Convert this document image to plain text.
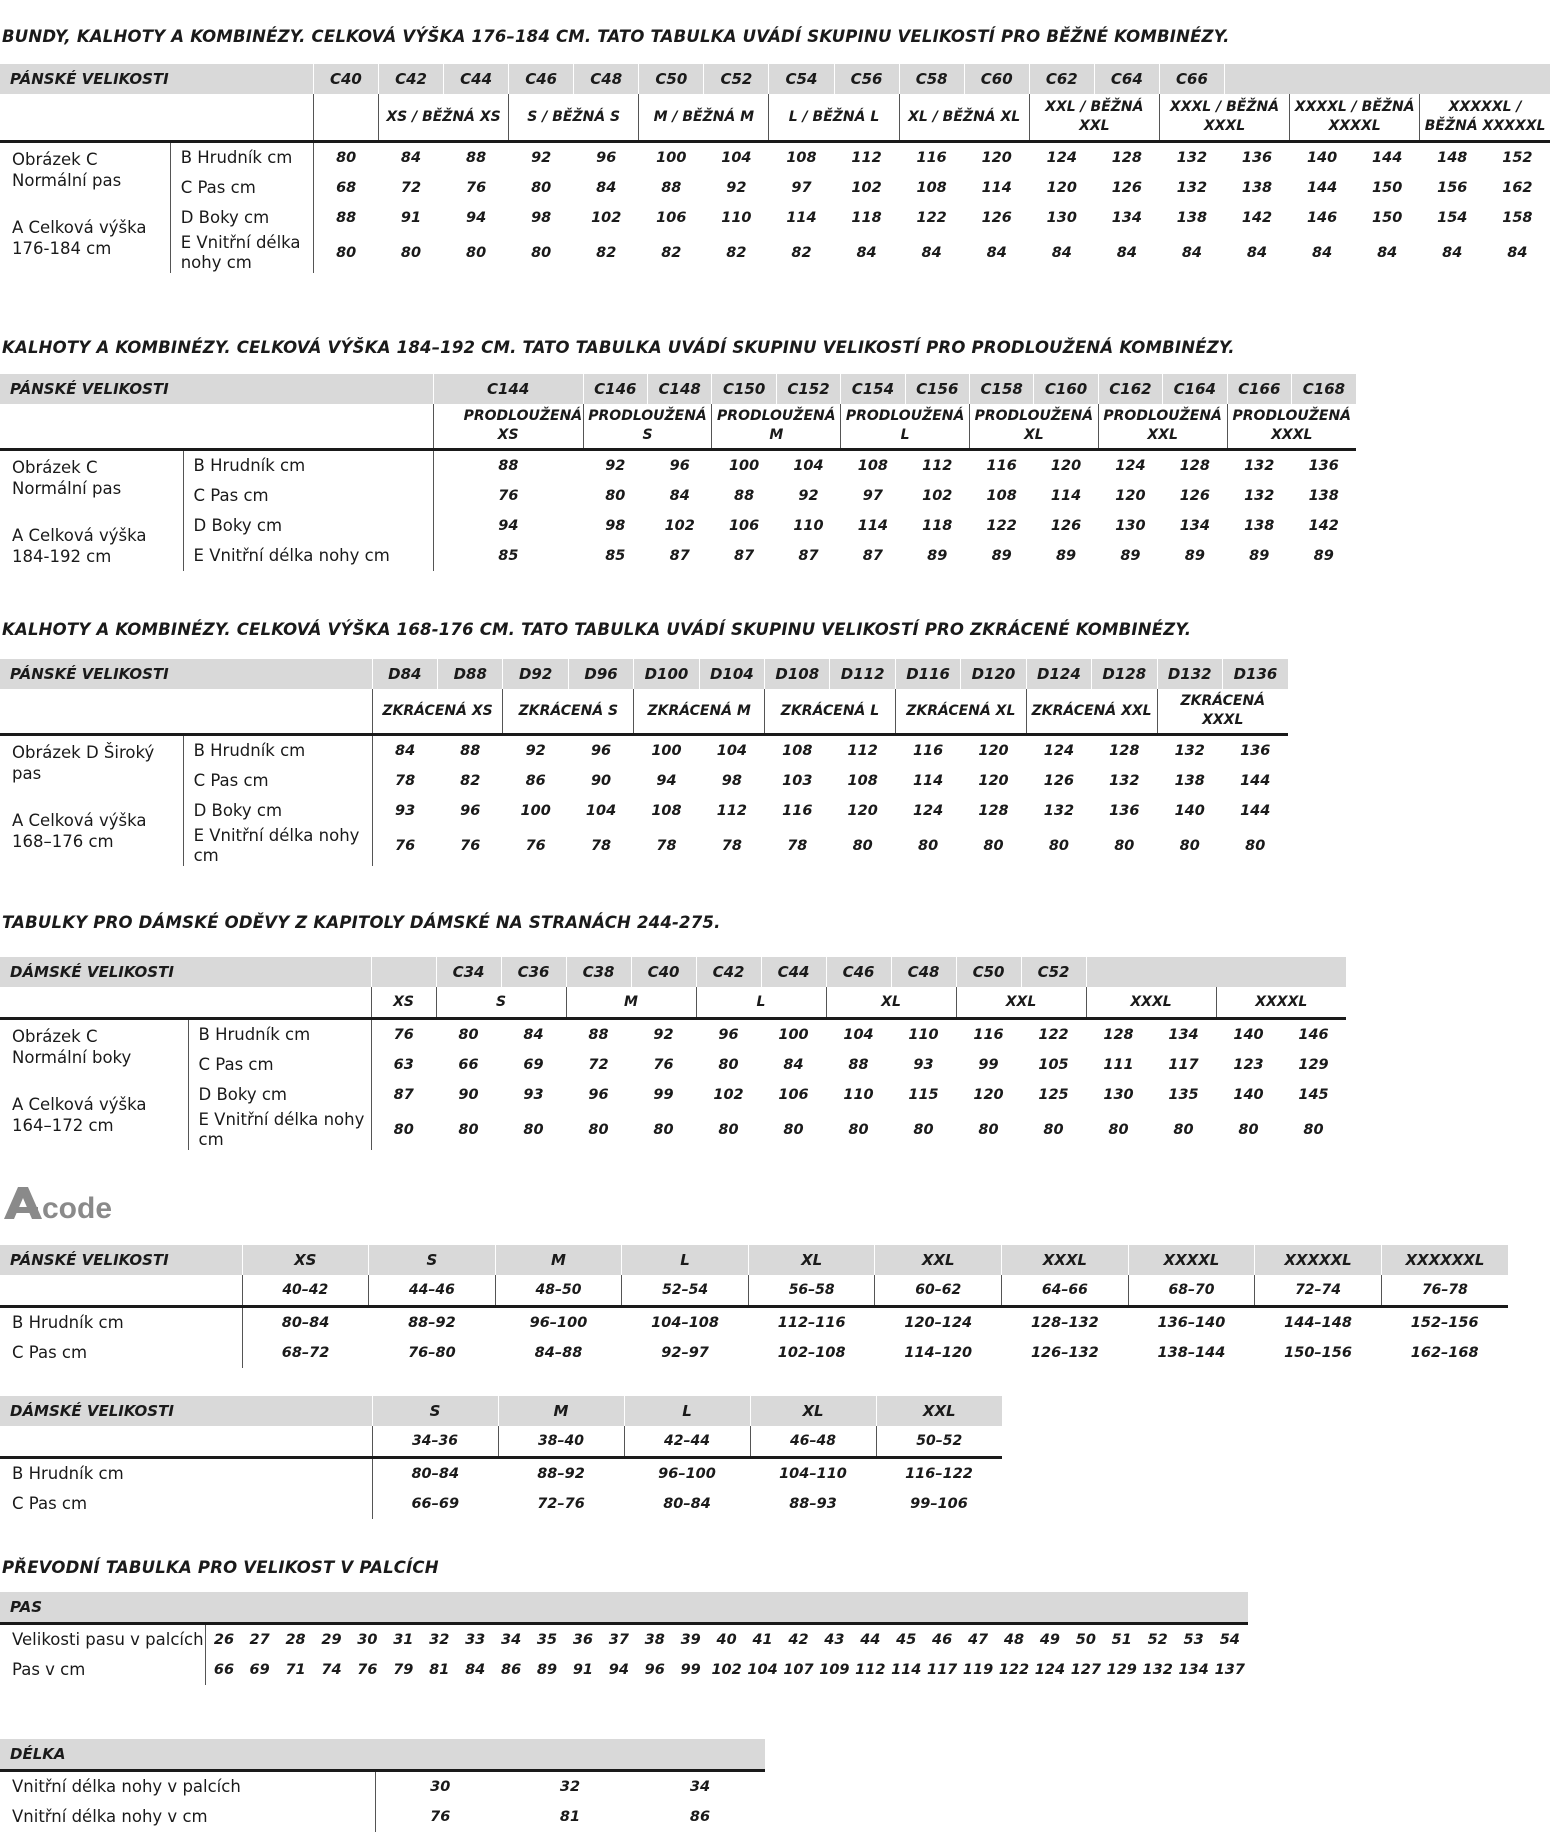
BUNDY, KALHOTY A KOMBINÉZY. CELKOVÁ VÝŠKA 176–184 CM. TATO TABULKA UVÁDÍ SKUPINU VELIKOSTÍ PRO BĚŽNÉ KOMBINÉZY.
PÁNSKÉ VELIKOSTI		C40	C42	C44	C46	C48	C50	C52	C54	C56	C58	C60	C62	C64	C66					
			XS / BĚŽNÁ XS		S / BĚŽNÁ S		M / BĚŽNÁ M		L / BĚŽNÁ L		XL / BĚŽNÁ XL		XXL / BĚŽNÁ XXL		XXXL / BĚŽNÁ XXXL		XXXXL / BĚŽNÁ XXXXL		XXXXXL / BĚŽNÁ XXXXXL	

Obrázek C Normální pas
A Celková výška 176-184 cm	B Hrudník cm	80	84	88	92	96	100	104	108	112	116	120	124	128	132	136	140	144	148	152
	C Pas cm	68	72	76	80	84	88	92	97	102	108	114	120	126	132	138	144	150	156	162
	D Boky cm	88	91	94	98	102	106	110	114	118	122	126	130	134	138	142	146	150	154	158
	E Vnitřní délka nohy cm	80	80	80	80	82	82	82	82	84	84	84	84	84	84	84	84	84	84	84
KALHOTY A KOMBINÉZY. CELKOVÁ VÝŠKA 184–192 CM. TATO TABULKA UVÁDÍ SKUPINU VELIKOSTÍ PRO PRODLOUŽENÁ KOMBINÉZY.
PÁNSKÉ VELIKOSTI		C144	C146	C148	C150	C152	C154	C156	C158	C160	C162	C164	C166	C168
		PRODLOUŽENÁ XS	PRODLOUŽENÁ S		PRODLOUŽENÁ M		PRODLOUŽENÁ L		PRODLOUŽENÁ XL		PRODLOUŽENÁ XXL		PRODLOUŽENÁ XXXL	

Obrázek C Normální pas
A Celková výška 184-192 cm	B Hrudník cm	88	92	96	100	104	108	112	116	120	124	128	132	136
	C Pas cm	76	80	84	88	92	97	102	108	114	120	126	132	138
	D Boky cm	94	98	102	106	110	114	118	122	126	130	134	138	142
	E Vnitřní délka nohy cm	85	85	87	87	87	87	89	89	89	89	89	89	89
KALHOTY A KOMBINÉZY. CELKOVÁ VÝŠKA 168-176 CM. TATO TABULKA UVÁDÍ SKUPINU VELIKOSTÍ PRO ZKRÁCENÉ KOMBINÉZY.
PÁNSKÉ VELIKOSTI		D84	D88	D92	D96	D100	D104	D108	D112	D116	D120	D124	D128	D132	D136
		ZKRÁCENÁ XS		ZKRÁCENÁ S		ZKRÁCENÁ M		ZKRÁCENÁ L		ZKRÁCENÁ XL		ZKRÁCENÁ XXL		ZKRÁCENÁ XXXL	

Obrázek D Široký pas
A Celková výška 168–176 cm	B Hrudník cm	84	88	92	96	100	104	108	112	116	120	124	128	132	136
	C Pas cm	78	82	86	90	94	98	103	108	114	120	126	132	138	144
	D Boky cm	93	96	100	104	108	112	116	120	124	128	132	136	140	144
	E Vnitřní délka nohy cm	76	76	76	78	78	78	78	80	80	80	80	80	80	80
TABULKY PRO DÁMSKÉ ODĚVY Z KAPITOLY DÁMSKÉ NA STRANÁCH 244-275.
DÁMSKÉ VELIKOSTI			C34	C36	C38	C40	C42	C44	C46	C48	C50	C52				
		XS	S		M		L		XL		XXL		XXXL		XXXXL	

Obrázek C Normální boky
A Celková výška 164–172 cm	B Hrudník cm	76	80	84	88	92	96	100	104	110	116	122	128	134	140	146
	C Pas cm	63	66	69	72	76	80	84	88	93	99	105	111	117	123	129
	D Boky cm	87	90	93	96	99	102	106	110	115	120	125	130	135	140	145
	E Vnitřní délka nohy cm	80	80	80	80	80	80	80	80	80	80	80	80	80	80	80
code
PÁNSKÉ VELIKOSTI	XS	S	M	L	XL	XXL	XXXL	XXXXL	XXXXXL	XXXXXXL
	40–42	44–46	48–50	52–54	56–58	60–62	64–66	68–70	72–74	76–78
B Hrudník cm	80–84	88–92	96–100	104–108	112–116	120–124	128–132	136–140	144–148	152–156
C Pas cm	68–72	76–80	84–88	92–97	102–108	114–120	126–132	138–144	150–156	162–168
DÁMSKÉ VELIKOSTI	S	M	L	XL	XXL
	34–36	38–40	42–44	46–48	50–52
B Hrudník cm	80–84	88–92	96–100	104–110	116–122
C Pas cm	66–69	72–76	80–84	88–93	99–106
PŘEVODNÍ TABULKA PRO VELIKOST V PALCÍCH
PAS																													
Velikosti pasu v palcích	26	27	28	29	30	31	32	33	34	35	36	37	38	39	40	41	42	43	44	45	46	47	48	49	50	51	52	53	54
Pas v cm	66	69	71	74	76	79	81	84	86	89	91	94	96	99	102	104	107	109	112	114	117	119	122	124	127	129	132	134	137
DÉLKA			
Vnitřní délka nohy v palcích	30	32	34
Vnitřní délka nohy v cm	76	81	86
